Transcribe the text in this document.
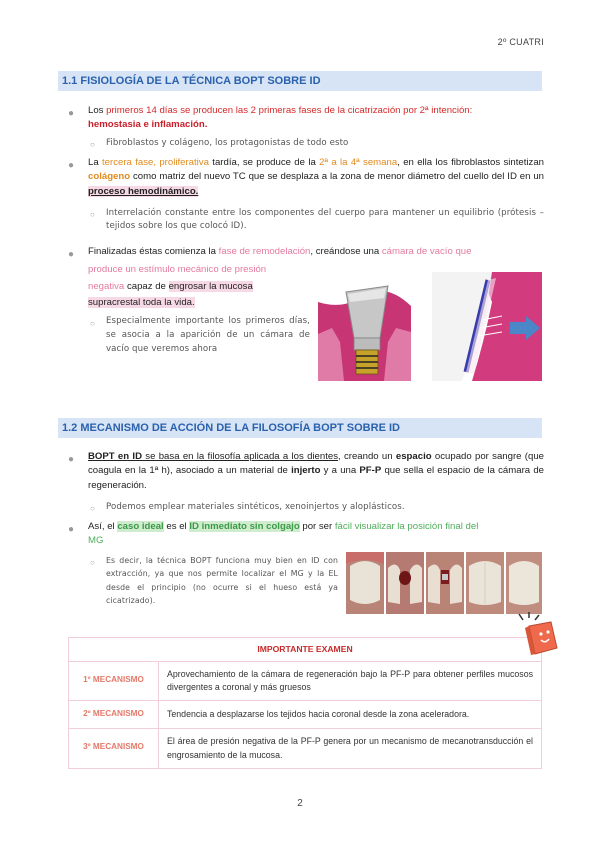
2º CUATRI
1.1 FISIOLOGÍA DE LA TÉCNICA BOPT SOBRE ID
● Los primeros 14 días se producen las 2 primeras fases de la cicatrización por 2ª intención:
hemostasia e inflamación.
○ Fibroblastos y colágeno, los protagonistas de todo esto
● La tercera fase, proliferativa tardía, se produce de la 2ª a la 4ª semana, en ella los fibroblastos sintetizan colágeno como matriz del nuevo TC que se desplaza a la zona de menor diámetro del cuello del ID en un proceso hemodinámico.
○ Interrelación constante entre los componentes del cuerpo para mantener un equilibrio (prótesis – tejidos sobre los que colocó ID).
● Finalizadas éstas comienza la fase de remodelación, creándose una cámara de vacío que
produce un estímulo mecánico de presión
negativa capaz de engrosar la mucosa
supracrestal toda la vida.
○ Especialmente importante los primeros días, se asocia a la aparición de un cámara de vacío que veremos ahora
1.2 MECANISMO DE ACCIÓN DE LA FILOSOFÍA BOPT SOBRE ID
● BOPT en ID se basa en la filosofía aplicada a los dientes, creando un espacio ocupado por sangre (que coagula en la 1ª h), asociado a un material de injerto y a una PF-P que sella el espacio de la cámara de regeneración.
○ Podemos emplear materiales sintéticos, xenoinjertos y aloplásticos.
● Así, el caso ideal es el ID inmediato sin colgajo por ser fácil visualizar la posición final del
MG
○ Es decir, la técnica BOPT funciona muy bien en ID con extracción, ya que nos permite localizar el MG y la EL desde el principio (no ocurre si el hueso está ya cicatrizado).
IMPORTANTE EXAMEN
1º MECANISMO
Aprovechamiento de la cámara de regeneración bajo la PF-P para obtener perfiles mucosos divergentes a coronal y más gruesos
2º MECANISMO	Tendencia a desplazarse los tejidos hacia coronal desde la zona aceleradora.
3º MECANISMO
El área de presión negativa de la PF-P genera por un mecanismo de mecanotransducción el engrosamiento de la mucosa.
2
